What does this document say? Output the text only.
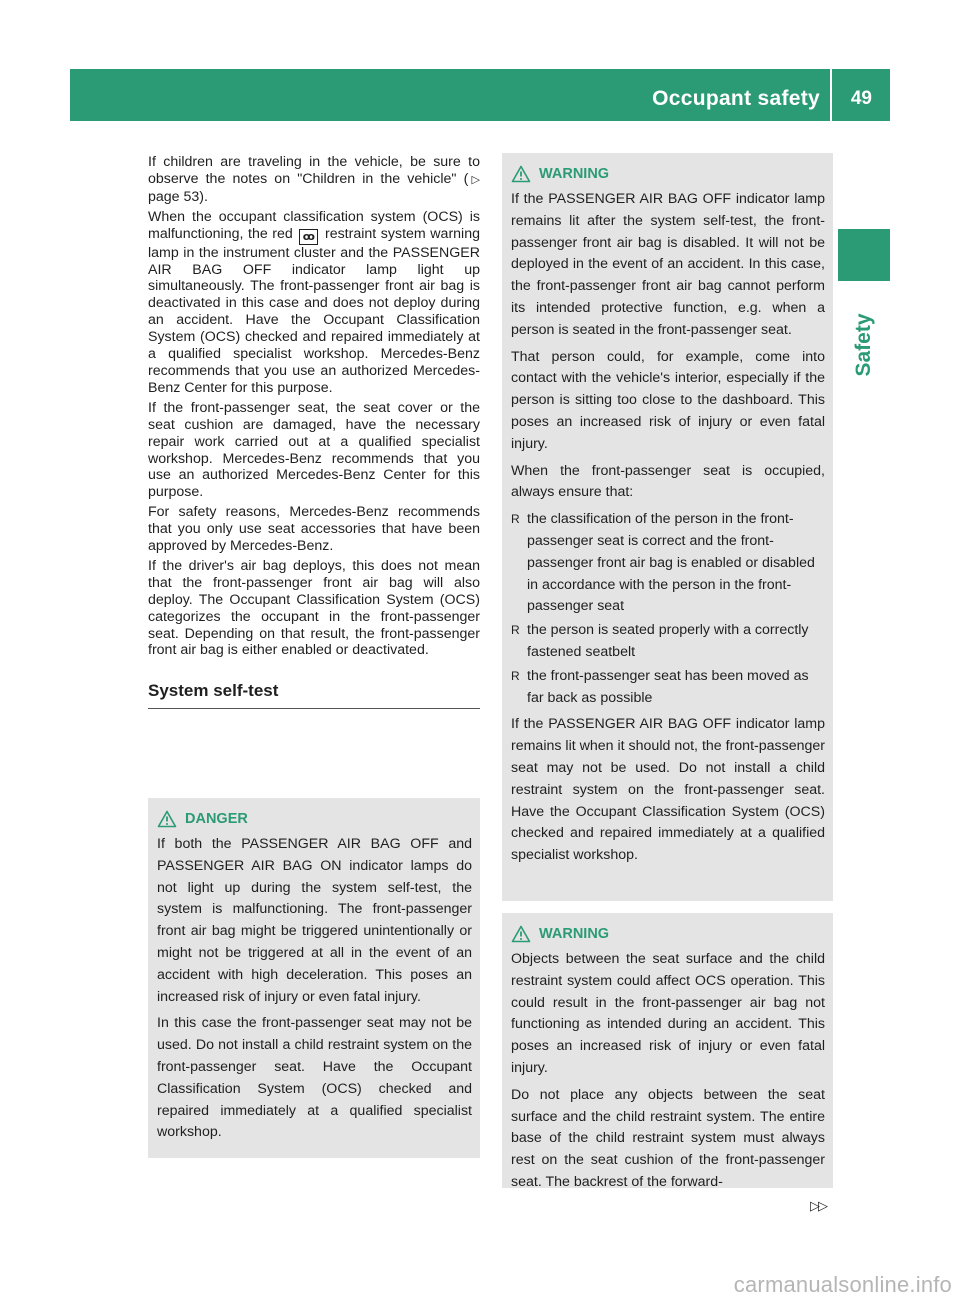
Occupant safety 49
Safety

If children are traveling in the vehicle, be sure to observe the notes on "Children in the vehicle" (▷ page 53).

When the occupant classification system (OCS) is malfunctioning, the red ꝏ restraint system warning lamp in the instrument cluster and the PASSENGER AIR BAG OFF indicator lamp light up simultaneously. The front-passenger front air bag is deactivated in this case and does not deploy during an accident. Have the Occupant Classification System (OCS) checked and repaired immediately at a qualified specialist workshop. Mercedes-Benz recommends that you use an authorized Mercedes-Benz Center for this purpose.

If the front-passenger seat, the seat cover or the seat cushion are damaged, have the necessary repair work carried out at a qualified specialist workshop. Mercedes-Benz recommends that you use an authorized Mercedes-Benz Center for this purpose.

For safety reasons, Mercedes-Benz recommends that you only use seat accessories that have been approved by Mercedes-Benz.

If the driver's air bag deploys, this does not mean that the front-passenger front air bag will also deploy. The Occupant Classification System (OCS) categorizes the occupant in the front-passenger seat. Depending on that result, the front-passenger front air bag is either enabled or deactivated.

System self-test
DANGER

If both the PASSENGER AIR BAG OFF and PASSENGER AIR BAG ON indicator lamps do not light up during the system self-test, the system is malfunctioning. The front-passenger front air bag might be triggered unintentionally or might not be triggered at all in the event of an accident with high deceleration. This poses an increased risk of injury or even fatal injury.

In this case the front-passenger seat may not be used. Do not install a child restraint system on the front-passenger seat. Have the Occupant Classification System (OCS) checked and repaired immediately at a qualified specialist workshop.

WARNING

If the PASSENGER AIR BAG OFF indicator lamp remains lit after the system self-test, the front-passenger front air bag is disabled. It will not be deployed in the event of an accident. In this case, the front-passenger front air bag cannot perform its intended protective function, e.g. when a person is seated in the front-passenger seat.

That person could, for example, come into contact with the vehicle's interior, especially if the person is sitting too close to the dashboard. This poses an increased risk of injury or even fatal injury.

When the front-passenger seat is occupied, always ensure that:

R the classification of the person in the front-passenger seat is correct and the front-passenger front air bag is enabled or disabled in accordance with the person in the front-passenger seat
R the person is seated properly with a correctly fastened seatbelt
R the front-passenger seat has been moved as far back as possible

If the PASSENGER AIR BAG OFF indicator lamp remains lit when it should not, the front-passenger seat may not be used. Do not install a child restraint system on the front-passenger seat. Have the Occupant Classification System (OCS) checked and repaired immediately at a qualified specialist workshop.

WARNING

Objects between the seat surface and the child restraint system could affect OCS operation. This could result in the front-passenger air bag not functioning as intended during an accident. This poses an increased risk of injury or even fatal injury.

Do not place any objects between the seat surface and the child restraint system. The entire base of the child restraint system must always rest on the seat cushion of the front-passenger seat. The backrest of the forward-

▷▷
carmanualsonline.info
